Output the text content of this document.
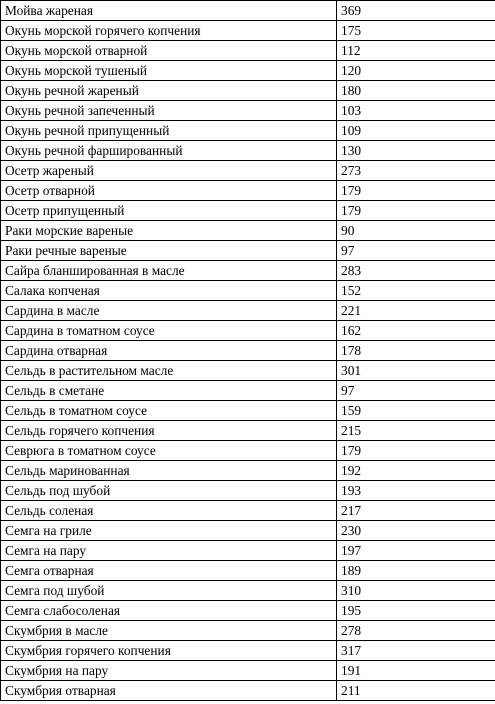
Мойва жареная	369
Окунь морской горячего копчения	175
Окунь морской отварной	112
Окунь морской тушеный	120
Окунь речной жареный	180
Окунь речной запеченный	103
Окунь речной припущенный	109
Окунь речной фаршированный	130
Осетр жареный	273
Осетр отварной	179
Осетр припущенный	179
Раки морские вареные	90
Раки речные вареные	97
Сайра бланшированная в масле	283
Салака копченая	152
Сардина в масле	221
Сардина в томатном соусе	162
Сардина отварная	178
Сельдь в растительном масле	301
Сельдь в сметане	97
Сельдь в томатном соусе	159
Сельдь горячего копчения	215
Севрюга в томатном соусе	179
Сельдь маринованная	192
Сельдь под шубой	193
Сельдь соленая	217
Семга на гриле	230
Семга на пару	197
Семга отварная	189
Семга под шубой	310
Семга слабосоленая	195
Скумбрия в масле	278
Скумбрия горячего копчения	317
Скумбрия на пару	191
Скумбрия отварная	211
